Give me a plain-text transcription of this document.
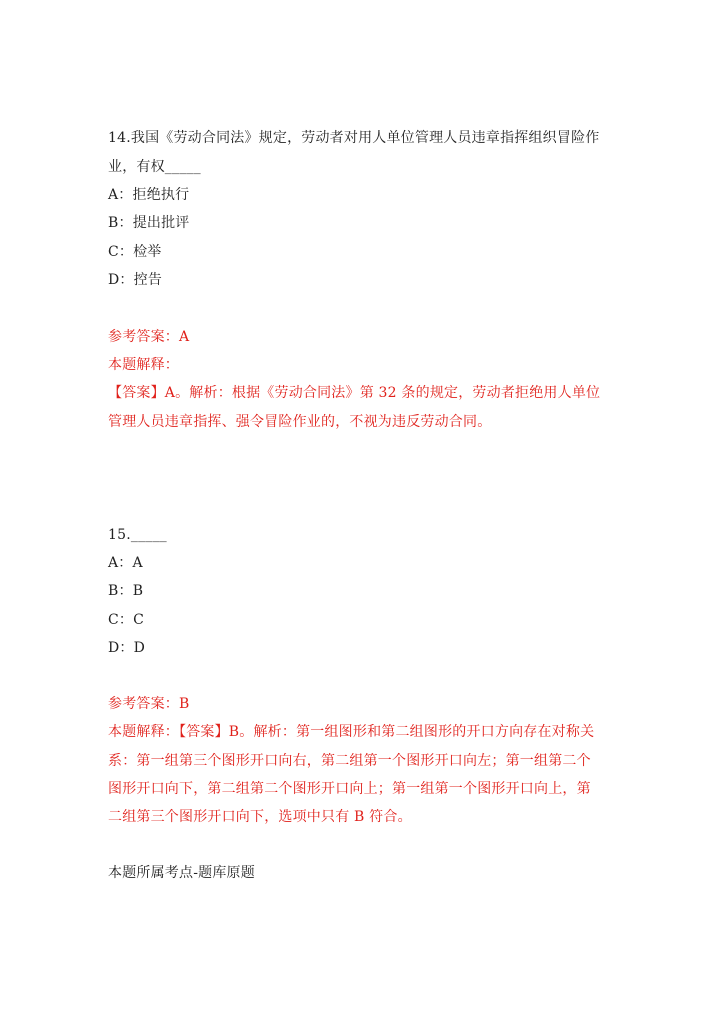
14.我国《劳动合同法》规定，劳动者对用人单位管理人员违章指挥组织冒险作
业，有权_____
A：拒绝执行
B：提出批评
C：检举
D：控告
参考答案：A
本题解释：
【答案】A。解析：根据《劳动合同法》第 32 条的规定，劳动者拒绝用人单位
管理人员违章指挥、强令冒险作业的，不视为违反劳动合同。
15._____
A：A
B：B
C：C
D：D
参考答案：B
本题解释：【答案】B。解析：第一组图形和第二组图形的开口方向存在对称关
系：第一组第三个图形开口向右，第二组第一个图形开口向左；第一组第二个
图形开口向下，第二组第二个图形开口向上；第一组第一个图形开口向上，第
二组第三个图形开口向下，选项中只有 B 符合。
本题所属考点-题库原题
